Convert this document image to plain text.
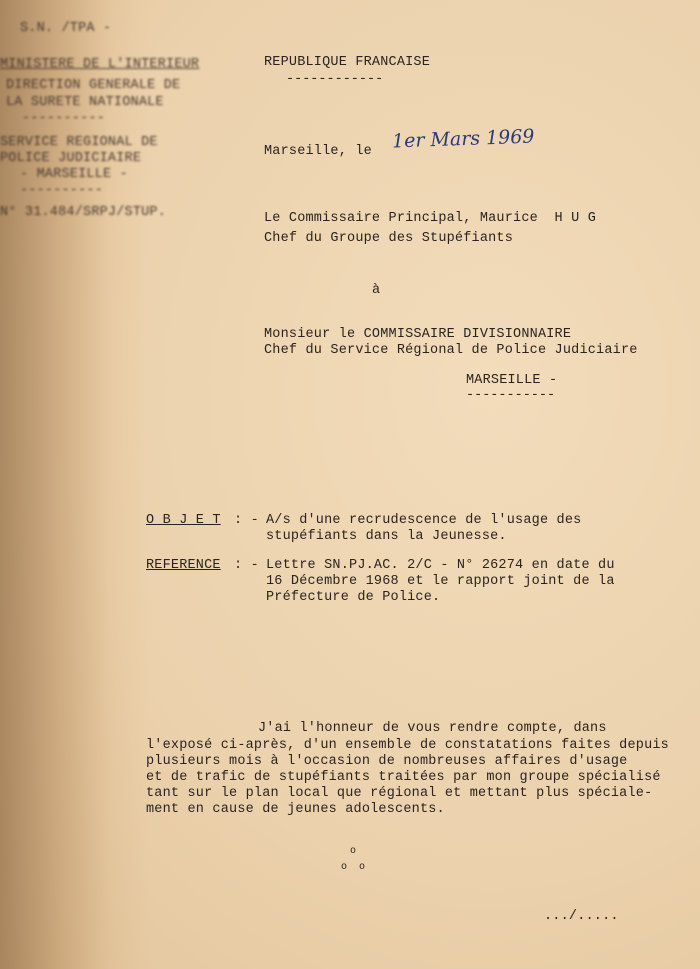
S.N. /TPA -
MINISTERE DE L'INTERIEUR
DIRECTION GENERALE DE
LA SURETE NATIONALE
----------
SERVICE REGIONAL DE
POLICE JUDICIAIRE
- MARSEILLE -
----------
N° 31.484/SRPJ/STUP.
REPUBLIQUE FRANCAISE
------------
Marseille, le 1er Mars 1969
Le Commissaire Principal, Maurice  H U G
Chef du Groupe des Stupéfiants
à
Monsieur le COMMISSAIRE DIVISIONNAIRE
Chef du Service Régional de Police Judiciaire
MARSEILLE -
-----------
O B J E T : - A/s d'une recrudescence de l'usage des
stupéfiants dans la Jeunesse.
REFERENCE : - Lettre SN.PJ.AC. 2/C - N° 26274 en date du
16 Décembre 1968 et le rapport joint de la
Préfecture de Police.
J'ai l'honneur de vous rendre compte, dans
l'exposé ci-après, d'un ensemble de constatations faites depuis
plusieurs mois à l'occasion de nombreuses affaires d'usage
et de trafic de stupéfiants traitées par mon groupe spécialisé
tant sur le plan local que régional et mettant plus spéciale-
ment en cause de jeunes adolescents.
o
o  o
.../.....
